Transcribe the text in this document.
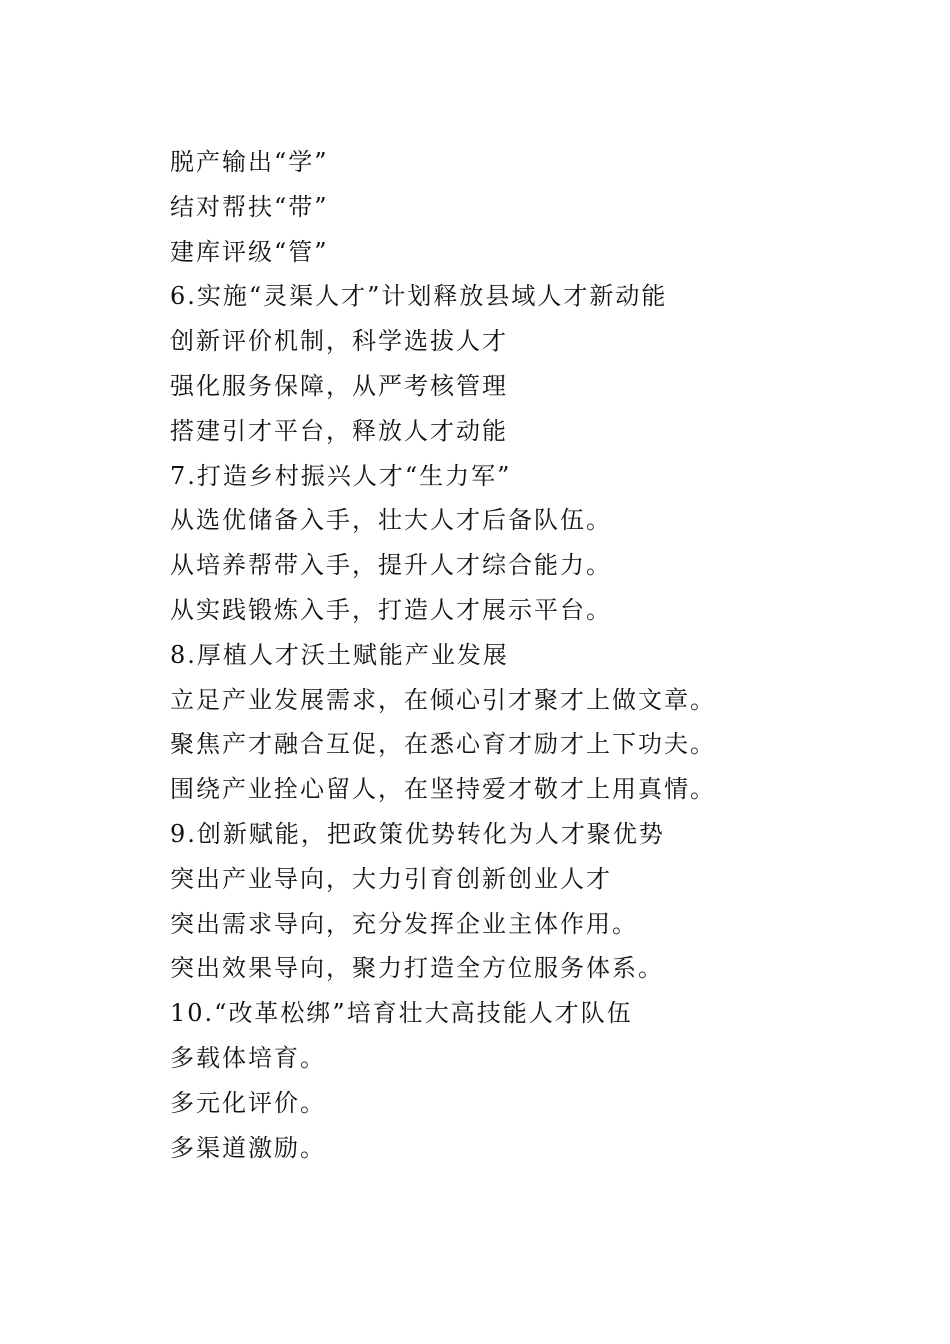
脱产输出“学”
结对帮扶“带”
建库评级“管”
6.实施“灵渠人才”计划释放县域人才新动能
创新评价机制，科学选拔人才
强化服务保障，从严考核管理
搭建引才平台，释放人才动能
7.打造乡村振兴人才“生力军”
从选优储备入手，壮大人才后备队伍。
从培养帮带入手，提升人才综合能力。
从实践锻炼入手，打造人才展示平台。
8.厚植人才沃土赋能产业发展
立足产业发展需求，在倾心引才聚才上做文章。
聚焦产才融合互促，在悉心育才励才上下功夫。
围绕产业拴心留人，在坚持爱才敬才上用真情。
9.创新赋能，把政策优势转化为人才聚优势
突出产业导向，大力引育创新创业人才
突出需求导向，充分发挥企业主体作用。
突出效果导向，聚力打造全方位服务体系。
10.“改革松绑”培育壮大高技能人才队伍
多载体培育。
多元化评价。
多渠道激励。
